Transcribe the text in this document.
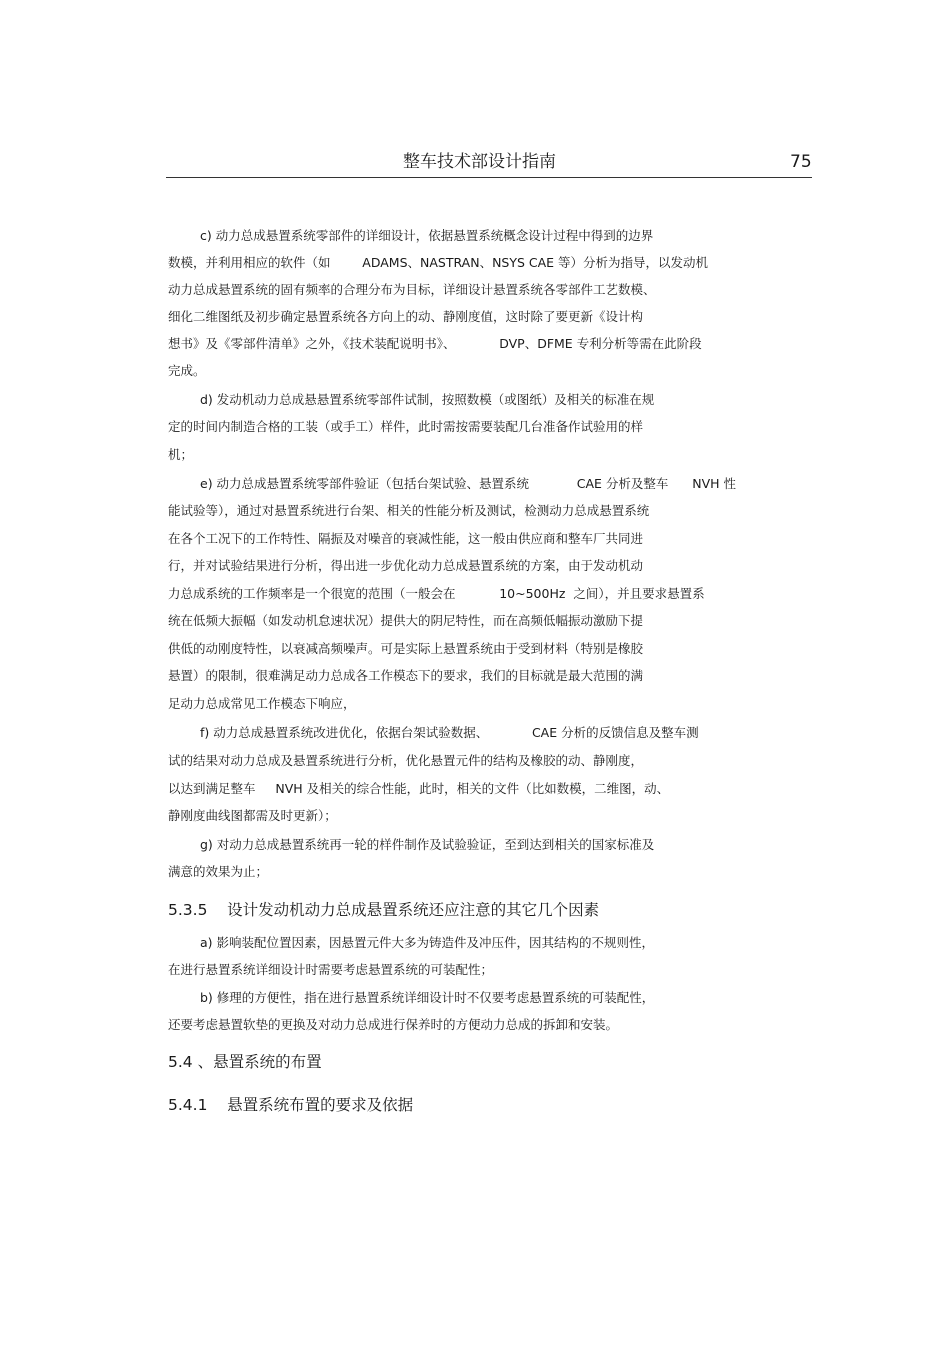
整车技术部设计指南	75
c) 动力总成悬置系统零部件的详细设计，依据悬置系统概念设计过程中得到的边界
数模，并利用相应的软件（如        ADAMS、NASTRAN、NSYS CAE 等）分析为指导，以发动机
动力总成悬置系统的固有频率的合理分布为目标，详细设计悬置系统各零部件工艺数模、
细化二维图纸及初步确定悬置系统各方向上的动、静刚度值，这时除了要更新《设计构
想书》及《零部件清单》之外，《技术装配说明书》、           DVP、DFME 专利分析等需在此阶段
完成。
d) 发动机动力总成悬悬置系统零部件试制，按照数模（或图纸）及相关的标准在规
定的时间内制造合格的工装（或手工）样件，此时需按需要装配几台准备作试验用的样
机；
e) 动力总成悬置系统零部件验证（包括台架试验、悬置系统            CAE 分析及整车      NVH 性
能试验等），通过对悬置系统进行台架、相关的性能分析及测试，检测动力总成悬置系统
在各个工况下的工作特性、隔振及对噪音的衰减性能，这一般由供应商和整车厂共同进
行，并对试验结果进行分析，得出进一步优化动力总成悬置系统的方案，由于发动机动
力总成系统的工作频率是一个很宽的范围（一般会在           10~500Hz  之间），并且要求悬置系
统在低频大振幅（如发动机怠速状况）提供大的阴尼特性，而在高频低幅振动激励下提
供低的动刚度特性，以衰减高频噪声。可是实际上悬置系统由于受到材料（特别是橡胶
悬置）的限制，很难满足动力总成各工作模态下的要求，我们的目标就是最大范围的满
足动力总成常见工作模态下响应，
f) 动力总成悬置系统改进优化，依据台架试验数据、           CAE 分析的反馈信息及整车测
试的结果对动力总成及悬置系统进行分析，优化悬置元件的结构及橡胶的动、静刚度，
以达到满足整车     NVH 及相关的综合性能，此时，相关的文件（比如数模，二维图，动、
静刚度曲线图都需及时更新）；
g) 对动力总成悬置系统再一轮的样件制作及试验验证，至到达到相关的国家标准及
满意的效果为止；
5.3.5    设计发动机动力总成悬置系统还应注意的其它几个因素
a) 影响装配位置因素，因悬置元件大多为铸造件及冲压件，因其结构的不规则性，
在进行悬置系统详细设计时需要考虑悬置系统的可装配性；
b) 修理的方便性，指在进行悬置系统详细设计时不仅要考虑悬置系统的可装配性，
还要考虑悬置软垫的更换及对动力总成进行保养时的方便动力总成的拆卸和安装。
5.4 、悬置系统的布置
5.4.1    悬置系统布置的要求及依据
